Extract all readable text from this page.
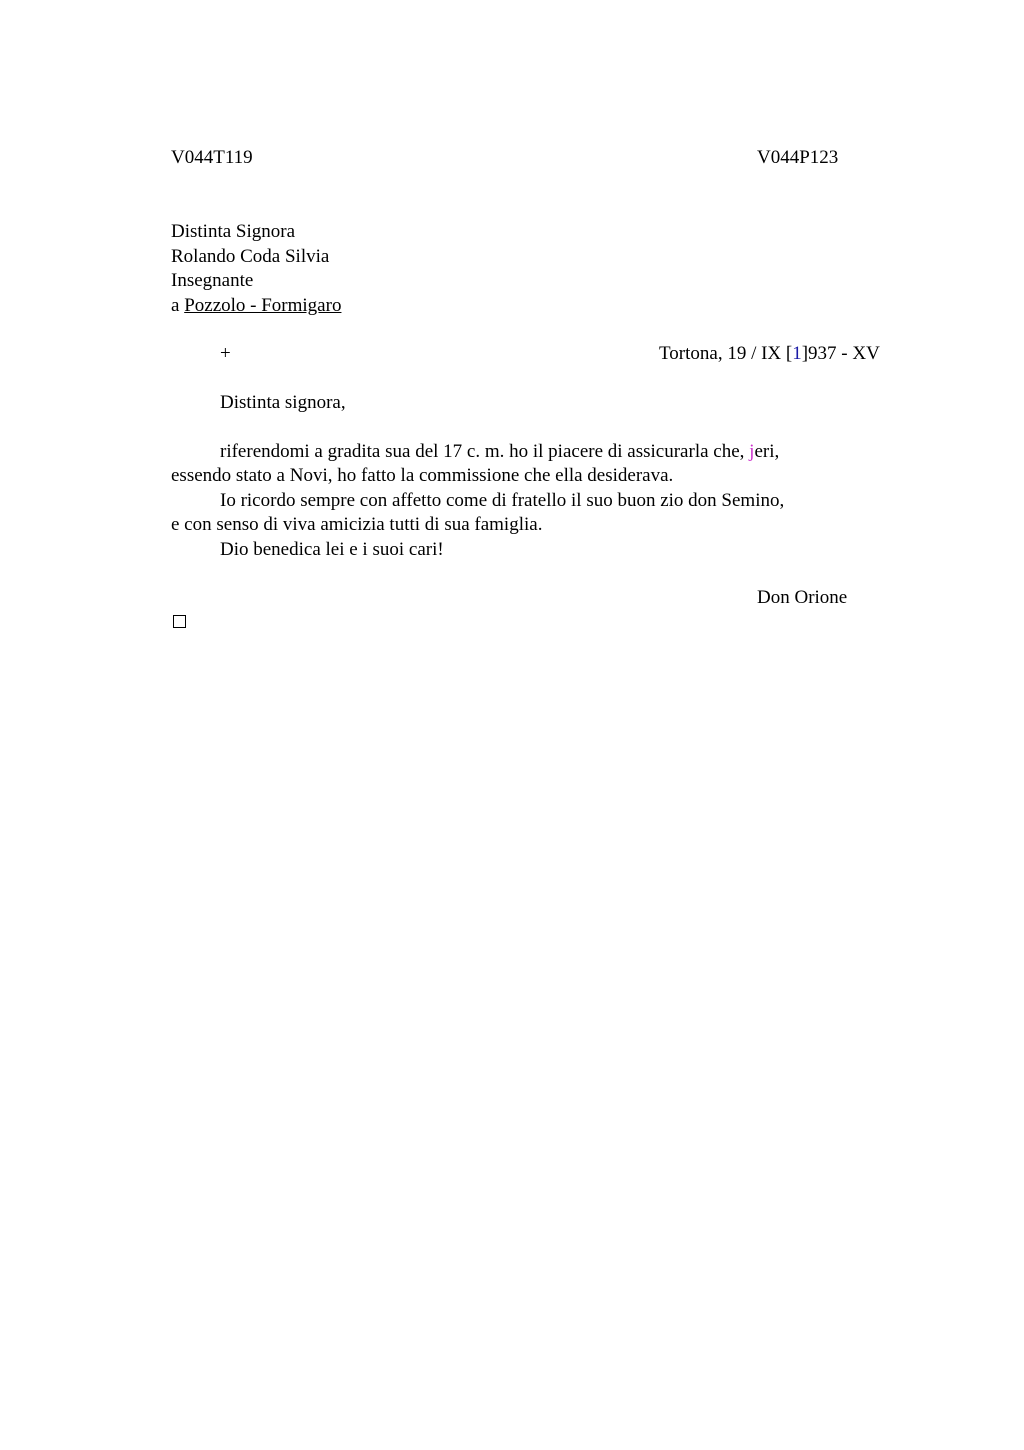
V044T119	V044P123
Distinta Signora
Rolando Coda Silvia
Insegnante
a Pozzolo - Formigaro
+	Tortona, 19 / IX [1]937 - XV
Distinta signora,

riferendomi a gradita sua del 17 c. m. ho il piacere di assicurarla che, jeri,
essendo stato a Novi, ho fatto la commissione che ella desiderava.

Io ricordo sempre con affetto come di fratello il suo buon zio don Semino,
e con senso di viva amicizia tutti di sua famiglia.

Dio benedica lei e i suoi cari!

Don Orione
